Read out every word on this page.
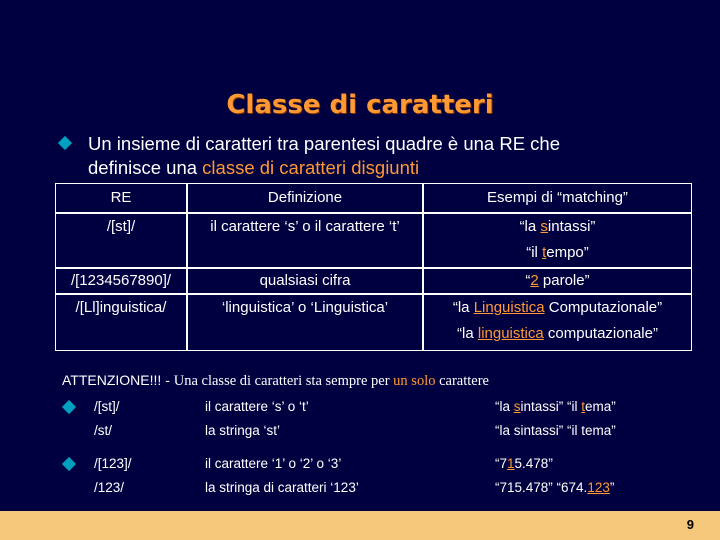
Classe di caratteri
Un insieme di caratteri tra parentesi quadre è una RE che
definisce una classe di caratteri disgiunti
RE	Definizione	Esempi di “matching”
/[st]/	il carattere ‘s’ o il carattere ‘t’	“la sintassi”
“il tempo”
/[1234567890]/	qualsiasi cifra	“2 parole”
/[Ll]inguistica/	‘linguistica’ o ‘Linguistica’	“la Linguistica Computazionale”
“la linguistica computazionale”
ATTENZIONE!!! - Una classe di caratteri sta sempre per un solo carattere
/[st]/	il carattere ‘s’ o ‘t’	“la sintassi” “il tema”
/st/	la stringa ‘st’	“la sintassi” “il tema”
/[123]/	il carattere ‘1’ o ‘2’ o ‘3’	“715.478”
/123/	la stringa di caratteri ‘123’	“715.478” “674.123”
9
